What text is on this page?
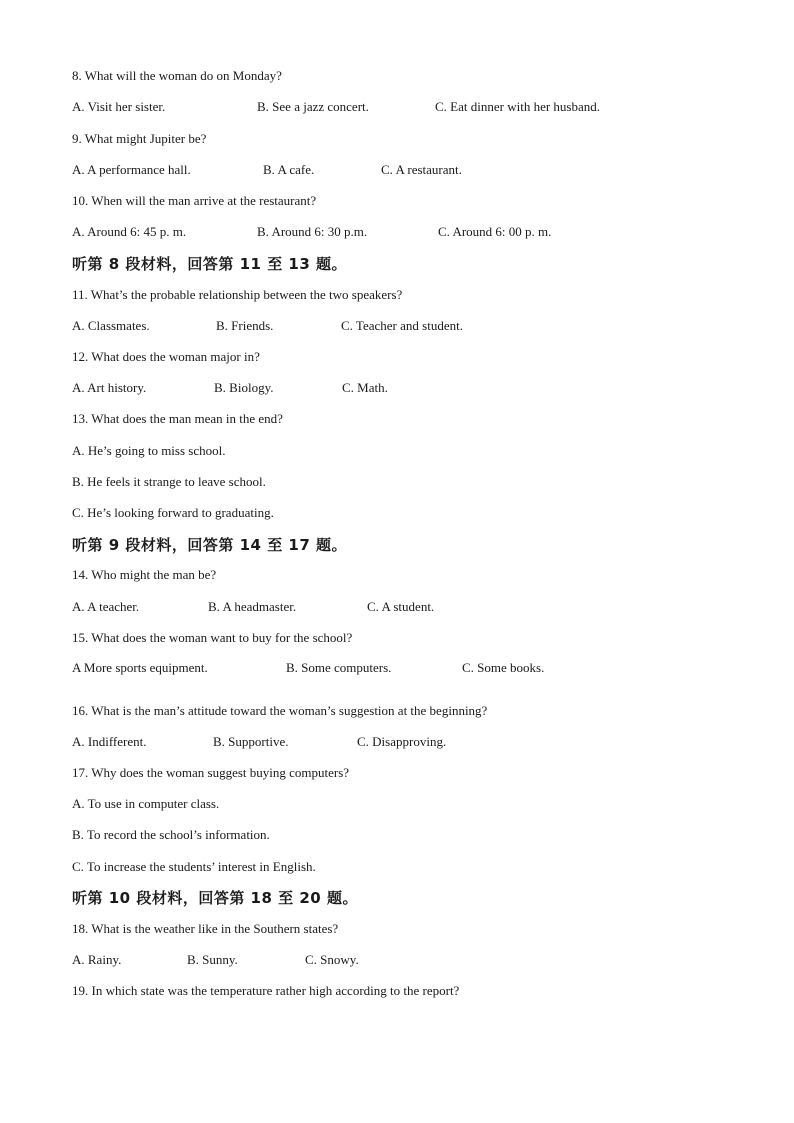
8. What will the woman do on Monday?
A. Visit her sister.	B. See a jazz concert.	C. Eat dinner with her husband.
9. What might Jupiter be?
A. A performance hall.	B. A cafe.	C. A restaurant.
10. When will the man arrive at the restaurant?
A. Around 6: 45 p. m.	B. Around 6: 30 p.m.	C. Around 6: 00 p. m.
听第 8 段材料，回答第 11 至 13 题。
11. What’s the probable relationship between the two speakers?
A. Classmates.	B. Friends.	C. Teacher and student.
12. What does the woman major in?
A. Art history.	B. Biology.	C. Math.
13. What does the man mean in the end?
A. He’s going to miss school.
B. He feels it strange to leave school.
C. He’s looking forward to graduating.
听第 9 段材料，回答第 14 至 17 题。
14. Who might the man be?
A. A teacher.	B. A headmaster.	C. A student.
15. What does the woman want to buy for the school?
A More sports equipment.	B. Some computers.	C. Some books.
16. What is the man’s attitude toward the woman’s suggestion at the beginning?
A. Indifferent.	B. Supportive.	C. Disapproving.
17. Why does the woman suggest buying computers?
A. To use in computer class.
B. To record the school’s information.
C. To increase the students’ interest in English.
听第 10 段材料，回答第 18 至 20 题。
18. What is the weather like in the Southern states?
A. Rainy.	B. Sunny.	C. Snowy.
19. In which state was the temperature rather high according to the report?
